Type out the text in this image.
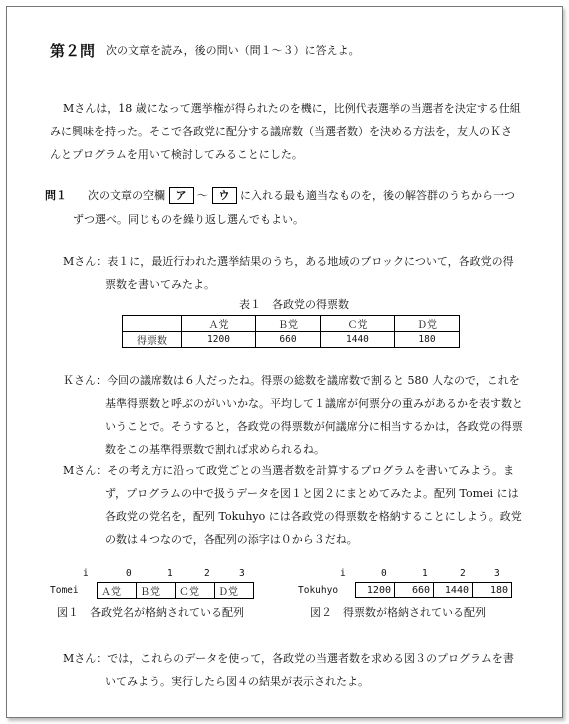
第２問 次の文章を読み，後の問い（問１～３）に答えよ。
Mさんは，18 歳になって選挙権が得られたのを機に，比例代表選挙の当選者を決定する仕組
みに興味を持った。そこで各政党に配分する議席数（当選者数）を決める方法を，友人のＫさ
んとプログラムを用いて検討してみることにした。
問１ 次の文章の空欄 ア ～ ウ に入れる最も適当なものを，後の解答群のうちから一つ
ずつ選べ。同じものを繰り返し選んでもよい。
Mさん：表１に，最近行われた選挙結果のうち，ある地域のブロックについて，各政党の得
票数を書いてみたよ。
表１　各政党の得票数
	Ａ党	Ｂ党	Ｃ党	Ｄ党
得票数	1200	660	1440	180
Ｋさん：今回の議席数は６人だったね。得票の総数を議席数で割ると 580 人なので，これを
基準得票数と呼ぶのがいいかな。平均して１議席が何票分の重みがあるかを表す数と
いうことで。そうすると，各政党の得票数が何議席分に相当するかは，各政党の得票
数をこの基準得票数で割れば求められるね。
Mさん：その考え方に沿って政党ごとの当選者数を計算するプログラムを書いてみよう。ま
ず，プログラムの中で扱うデータを図１と図２にまとめてみたよ。配列 Tomei には
各政党の党名を，配列 Tokuhyo には各政党の得票数を格納することにしよう。政党
の数は４つなので，各配列の添字は０から３だね。
i	0	1	2	3
Tomei Ａ党	Ｂ党	Ｃ党	Ｄ党
図１　各政党名が格納されている配列
i	0	1	2	3
Tokuhyo	1200	660	1440	180
図２　得票数が格納されている配列
Mさん：では，これらのデータを使って，各政党の当選者数を求める図３のプログラムを書
いてみよう。実行したら図４の結果が表示されたよ。
